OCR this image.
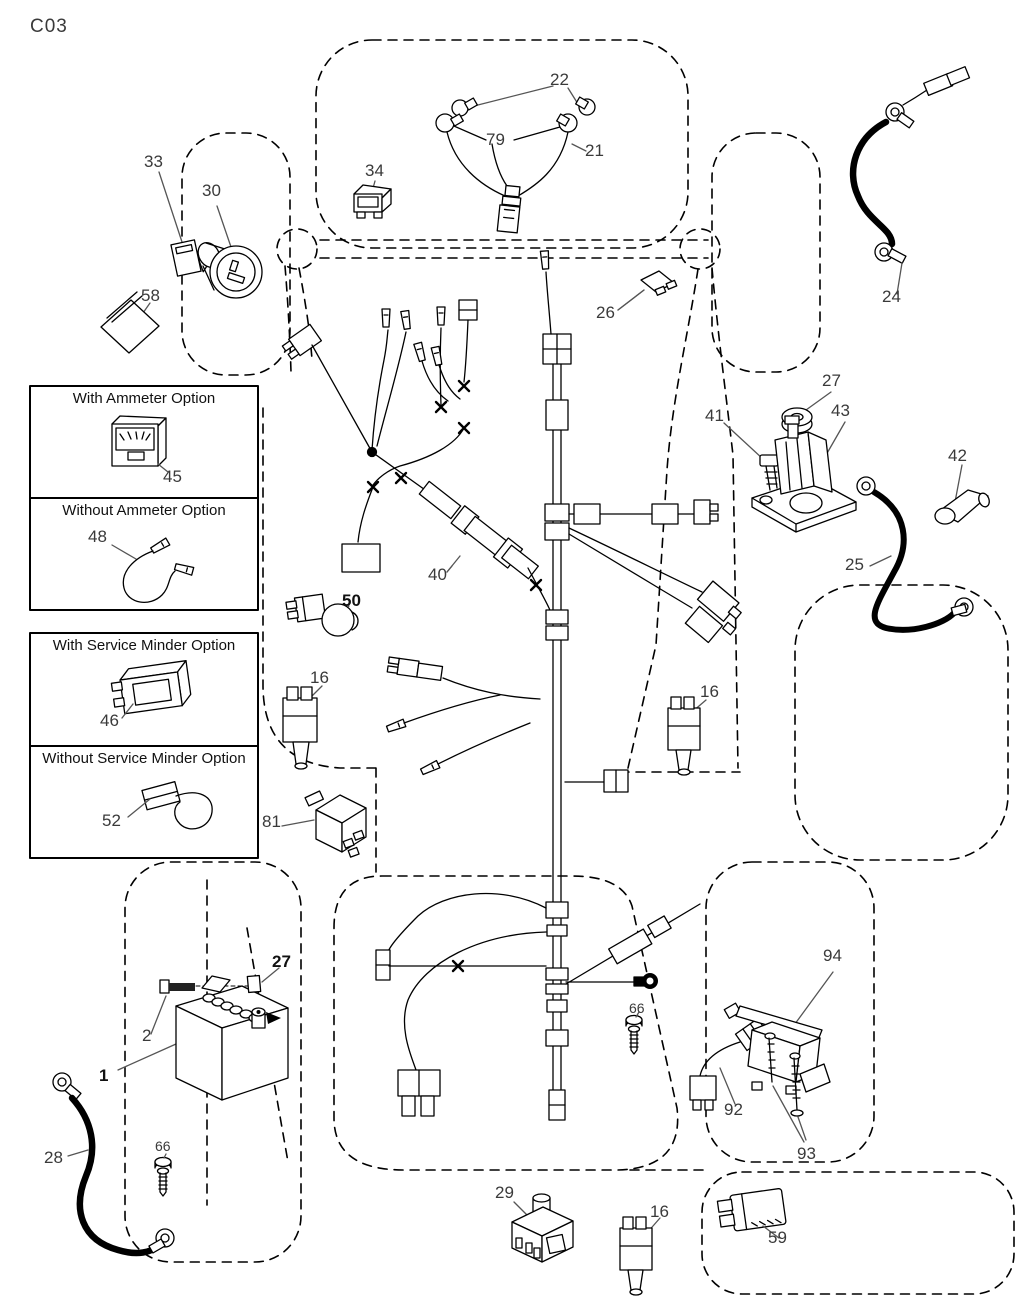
C03
With Ammeter Option
Without Ammeter Option
With Service Minder Option
Without Service Minder Option
22
79
21
34
33
30
58
26
24
27
41	43
42
25
45
48
40
50
16
16
46
52	81
27
2
1
66
66
92
94
93
28
29
16
59
